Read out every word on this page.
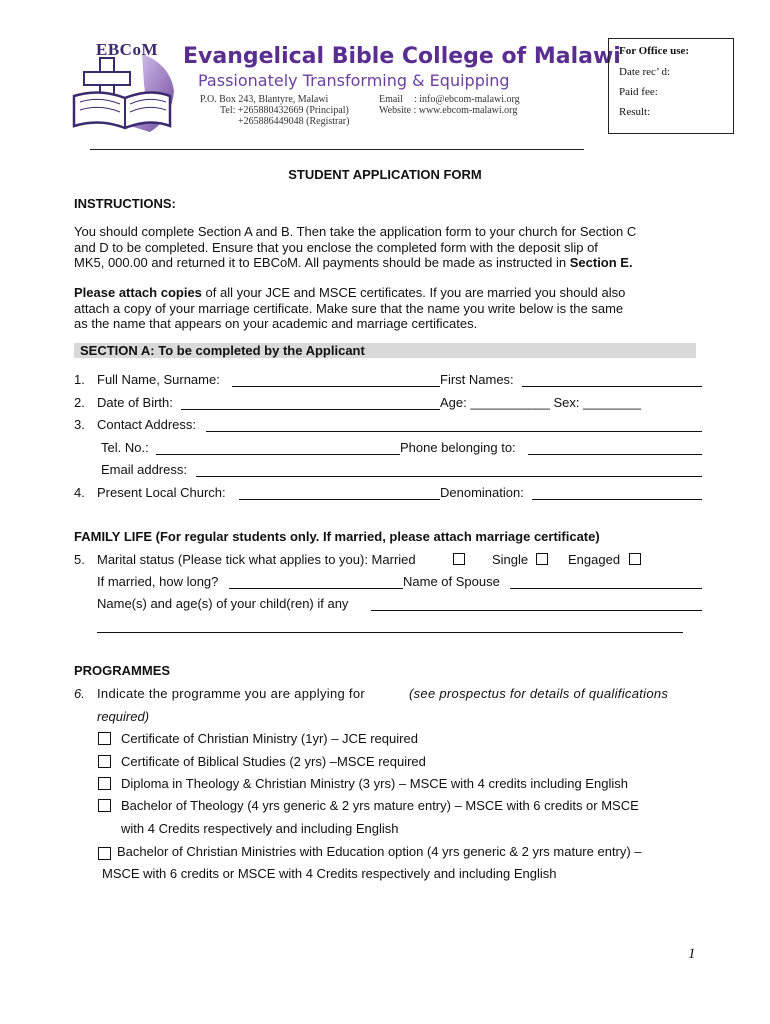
EBCoM Evangelical Bible College of Malawi
Passionately Transforming & Equipping
P.O. Box 243, Blantyre, Malawi
Tel: +265880432669 (Principal)
+265886449048 (Registrar)
Email : info@ebcom-malawi.org
Website : www.ebcom-malawi.org
For Office use:
Date rec’ d:
Paid fee:
Result:
STUDENT APPLICATION FORM
INSTRUCTIONS:
You should complete Section A and B. Then take the application form to your church for Section C
and D to be completed. Ensure that you enclose the completed form with the deposit slip of
MK5, 000.00 and returned it to EBCoM. All payments should be made as instructed in Section E.
Please attach copies of all your JCE and MSCE certificates. If you are married you should also
attach a copy of your marriage certificate. Make sure that the name you write below is the same
as the name that appears on your academic and marriage certificates.
SECTION A: To be completed by the Applicant
1. Full Name, Surname:	First Names:
2. Date of Birth:	Age: ___________ Sex: ________
3. Contact Address:
Tel. No.:	Phone belonging to:
Email address:
4. Present Local Church:	Denomination:
FAMILY LIFE (For regular students only. If married, please attach marriage certificate)
5. Marital status (Please tick what applies to you): Married	Single	Engaged
If married, how long?	Name of Spouse
Name(s) and age(s) of your child(ren) if any
PROGRAMMES
6. Indicate the programme you are applying for	(see prospectus for details of qualifications
required)
Certificate of Christian Ministry (1yr) – JCE required
Certificate of Biblical Studies (2 yrs) –MSCE required
Diploma in Theology & Christian Ministry (3 yrs) – MSCE with 4 credits including English
Bachelor of Theology (4 yrs generic & 2 yrs mature entry) – MSCE with 6 credits or MSCE
with 4 Credits respectively and including English
Bachelor of Christian Ministries with Education option (4 yrs generic & 2 yrs mature entry) –
MSCE with 6 credits or MSCE with 4 Credits respectively and including English
1
